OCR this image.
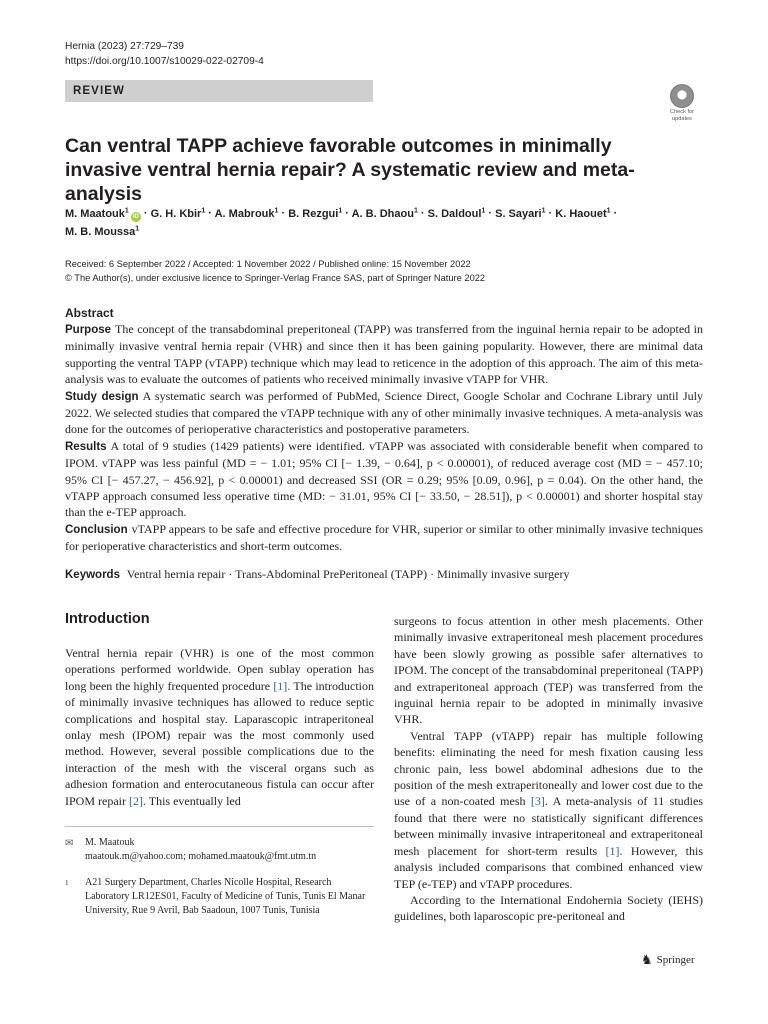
Hernia (2023) 27:729–739
https://doi.org/10.1007/s10029-022-02709-4
REVIEW
Check for updates
Can ventral TAPP achieve favorable outcomes in minimally invasive ventral hernia repair? A systematic review and meta-analysis
M. Maatouk$^1$iD · G. H. Kbir$^1$ · A. Mabrouk$^1$ · B. Rezgui$^1$ · A. B. Dhaou$^1$ · S. Daldoul$^1$ · S. Sayari$^1$ · K. Haouet$^1$ ·
M. B. Moussa$^1$
Received: 6 September 2022 / Accepted: 1 November 2022 / Published online: 15 November 2022
© The Author(s), under exclusive licence to Springer-Verlag France SAS, part of Springer Nature 2022
Abstract

Purpose The concept of the transabdominal preperitoneal (TAPP) was transferred from the inguinal hernia repair to be adopted in minimally invasive ventral hernia repair (VHR) and since then it has been gaining popularity. However, there are minimal data supporting the ventral TAPP (vTAPP) technique which may lead to reticence in the adoption of this approach. The aim of this meta-analysis was to evaluate the outcomes of patients who received minimally invasive vTAPP for VHR.

Study design A systematic search was performed of PubMed, Science Direct, Google Scholar and Cochrane Library until July 2022. We selected studies that compared the vTAPP technique with any of other minimally invasive techniques. A meta-analysis was done for the outcomes of perioperative characteristics and postoperative parameters.

Results A total of 9 studies (1429 patients) were identified. vTAPP was associated with considerable benefit when compared to IPOM. vTAPP was less painful (MD = − 1.01; 95% CI [− 1.39, − 0.64], p < 0.00001), of reduced average cost (MD = − 457.10; 95% CI [− 457.27, − 456.92], p < 0.00001) and decreased SSI (OR = 0.29; 95% [0.09, 0.96], p = 0.04). On the other hand, the vTAPP approach consumed less operative time (MD: − 31.01, 95% CI [− 33.50, − 28.51]), p < 0.00001) and shorter hospital stay than the e-TEP approach.

Conclusion vTAPP appears to be safe and effective procedure for VHR, superior or similar to other minimally invasive techniques for perioperative characteristics and short-term outcomes.

Keywords Ventral hernia repair · Trans-Abdominal PrePeritoneal (TAPP) · Minimally invasive surgery
Introduction

Ventral hernia repair (VHR) is one of the most common operations performed worldwide. Open sublay operation has long been the highly frequented procedure [1]. The introduction of minimally invasive techniques has allowed to reduce septic complications and hospital stay. Laparascopic intraperitoneal onlay mesh (IPOM) repair was the most commonly used method. However, several possible complications due to the interaction of the mesh with the visceral organs such as adhesion formation and enterocutaneous fistula can occur after IPOM repair [2]. This eventually led

surgeons to focus attention in other mesh placements. Other minimally invasive extraperitoneal mesh placement procedures have been slowly growing as possible safer alternatives to IPOM. The concept of the transabdominal preperitoneal (TAPP) and extraperitoneal approach (TEP) was transferred from the inguinal hernia repair to be adopted in minimally invasive VHR.

Ventral TAPP (vTAPP) repair has multiple following benefits: eliminating the need for mesh fixation causing less chronic pain, less bowel abdominal adhesions due to the position of the mesh extraperitoneally and lower cost due to the use of a non-coated mesh [3]. A meta-analysis of 11 studies found that there were no statistically significant differences between minimally invasive intraperitoneal and extraperitoneal mesh placement for short-term results [1]. However, this analysis included comparisons that combined enhanced view TEP (e-TEP) and vTAPP procedures.

According to the International Endohernia Society (IEHS) guidelines, both laparoscopic pre-peritoneal and

✉ M. Maatouk
maatouk.m@yahoo.com; mohamed.maatouk@fmt.utm.tn
1 A21 Surgery Department, Charles Nicolle Hospital, Research Laboratory LR12ES01, Faculty of Medicine of Tunis, Tunis El Manar University, Rue 9 Avril, Bab Saadoun, 1007 Tunis, Tunisia
♞ Springer
